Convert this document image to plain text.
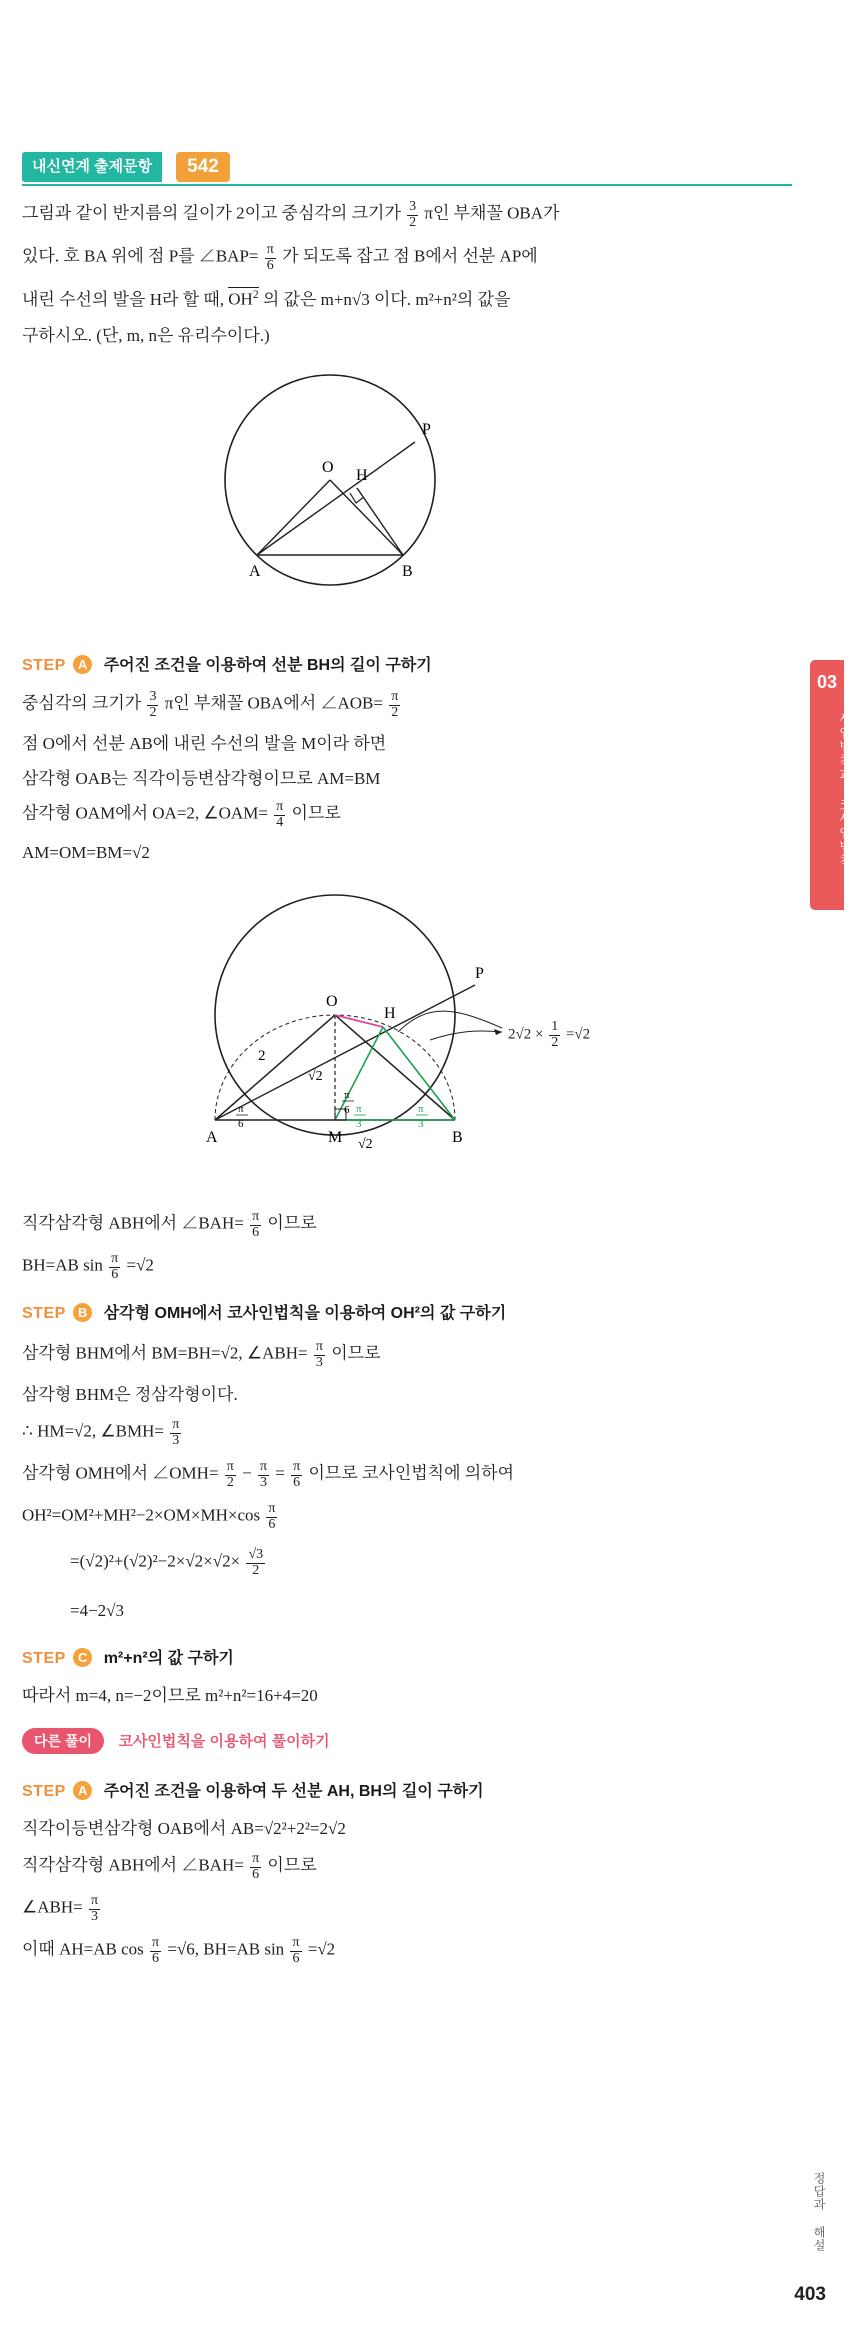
내신연계 출제문항	542
그림과 같이 반지름의 길이가 2이고 중심각의 크기가 $\frac{3}{2}$ π인 부채꼴 OBA가
있다. 호 BA 위에 점 P를 ∠BAP= $\frac{\pi}{6}$ 가 되도록 잡고 점 B에서 선분 AP에
내린 수선의 발을 H라 할 때, $OH^2$ 의 값은 m+n√3 이다. m²+n²의 값을
구하시오. (단, m, n은 유리수이다.)
P
O H
A	B
STEP A 주어진 조건을 이용하여 선분 BH의 길이 구하기
중심각의 크기가 $\frac{3}{2}$ π인 부채꼴 OBA에서 ∠AOB= $\frac{\pi}{2}$
점 O에서 선분 AB에 내린 수선의 발을 M이라 하면
삼각형 OAB는 직각이등변삼각형이므로 AM=BM
삼각형 OAM에서 OA=2, ∠OAM= $\frac{\pi}{4}$ 이므로
AM=OM=BM=√2
P
O
H
A	M	B
2
√2
√2
π
6
π
6 π
3
π
3
$2√2 \times \frac{1}{2} =√2$
직각삼각형 ABH에서 ∠BAH= $\frac{\pi}{6}$ 이므로
BH=AB $\sin \frac{\pi}{6} =√2$
STEP B 삼각형 OMH에서 코사인법칙을 이용하여 OH²의 값 구하기
삼각형 BHM에서 BM=BH=√2, ∠ABH= $\frac{\pi}{3}$ 이므로
삼각형 BHM은 정삼각형이다.
∴ HM=√2, ∠BMH= $\frac{\pi}{3}$
삼각형 OMH에서 ∠OMH= $\frac{\pi}{2} - \frac{\pi}{3} = \frac{\pi}{6}$ 이므로 코사인법칙에 의하여
$OH^2=OM^2+MH^2-2\times OM\times MH\times\cos \frac{\pi}{6}$
$=(√2)^2+(√2)^2-2\times√2\times√2\times \frac{√3}{2}$
=4−2√3
STEP C m²+n²의 값 구하기
따라서 m=4, n=−2이므로 m²+n²=16+4=20
다른 풀이 코사인법칙을 이용하여 풀이하기
STEP A 주어진 조건을 이용하여 두 선분 AH, BH의 길이 구하기
직각이등변삼각형 OAB에서 AB=√2²+2²=2√2
직각삼각형 ABH에서 ∠BAH= $\frac{\pi}{6}$ 이므로
∠ABH= $\frac{\pi}{3}$
이때 AH=AB $\cos \frac{\pi}{6} =√6$, BH=AB $\sin \frac{\pi}{6} =√2$
03
사인법칙과 코사인법칙
정답과 해설
403
